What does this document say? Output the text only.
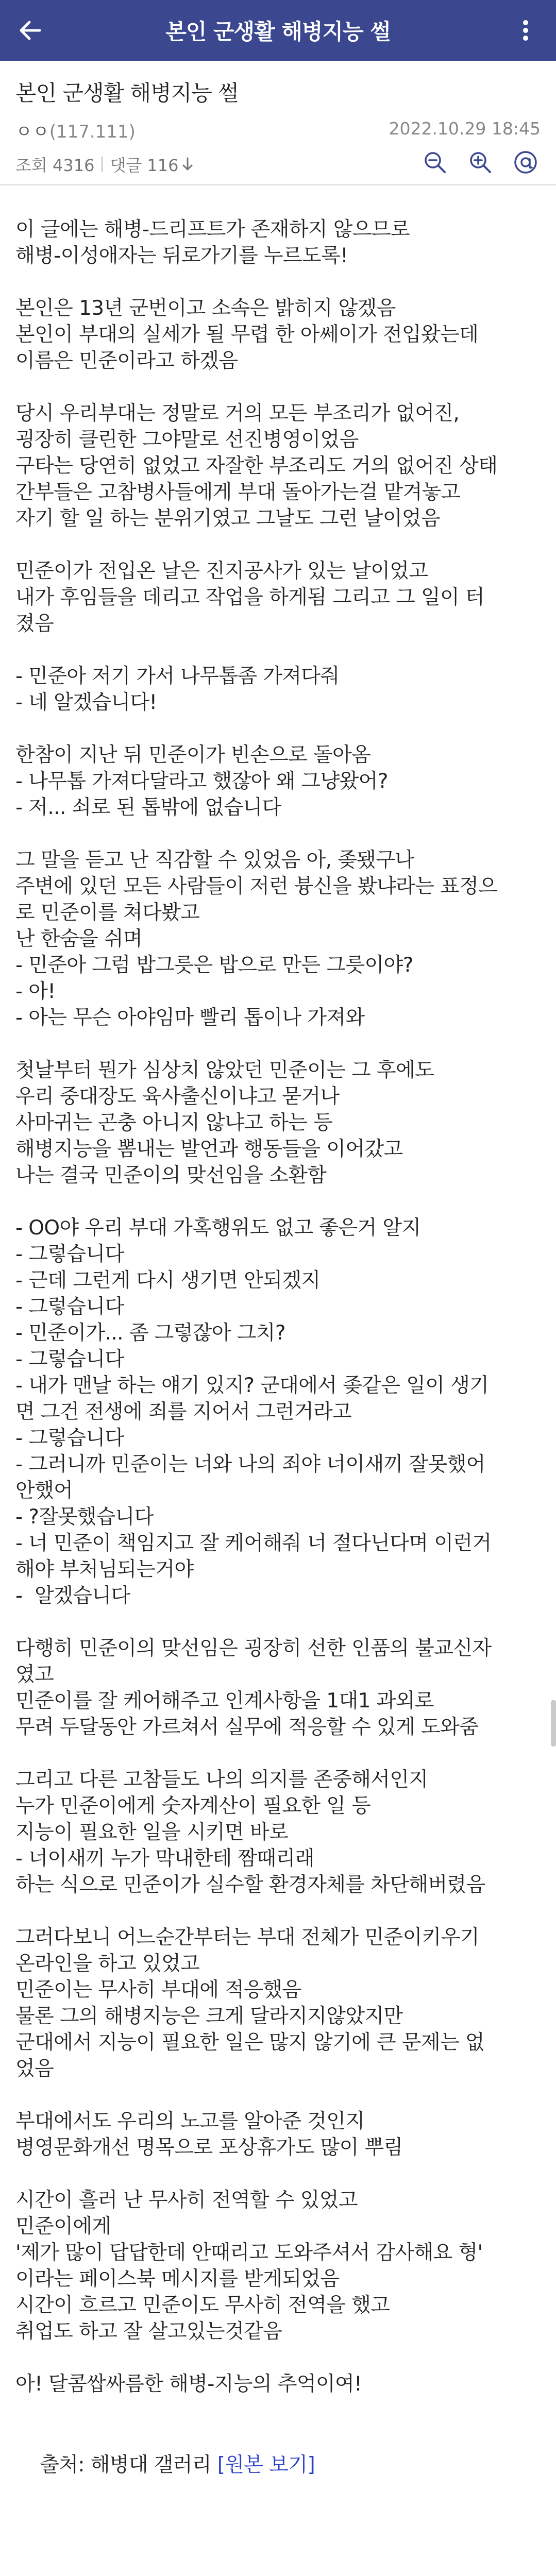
본인 군생활 해병지능 썰
본인 군생활 해병지능 썰
ㅇㅇ(117.111)	2022.10.29 18:45
조회 4316 댓글 116
이 글에는 해병-드리프트가 존재하지 않으므로
해병-이성애자는 뒤로가기를 누르도록!
본인은 13년 군번이고 소속은 밝히지 않겠음
본인이 부대의 실세가 될 무렵 한 아쎄이가 전입왔는데
이름은 민준이라고 하겠음
당시 우리부대는 정말로 거의 모든 부조리가 없어진,
굉장히 클린한 그야말로 선진병영이었음
구타는 당연히 없었고 자잘한 부조리도 거의 없어진 상태
간부들은 고참병사들에게 부대 돌아가는걸 맡겨놓고
자기 할 일 하는 분위기였고 그날도 그런 날이었음
민준이가 전입온 날은 진지공사가 있는 날이었고
내가 후임들을 데리고 작업을 하게됨 그리고 그 일이 터
졌음
- 민준아 저기 가서 나무톱좀 가져다줘
- 네 알겠습니다!
한참이 지난 뒤 민준이가 빈손으로 돌아옴
- 나무톱 가져다달라고 했잖아 왜 그냥왔어?
- 저... 쇠로 된 톱밖에 없습니다
그 말을 듣고 난 직감할 수 있었음 아, 좆됐구나
주변에 있던 모든 사람들이 저런 븅신을 봤냐라는 표정으
로 민준이를 쳐다봤고
난 한숨을 쉬며
- 민준아 그럼 밥그릇은 밥으로 만든 그릇이야?
- 아!
- 아는 무슨 아야임마 빨리 톱이나 가져와
첫날부터 뭔가 심상치 않았던 민준이는 그 후에도
우리 중대장도 육사출신이냐고 묻거나
사마귀는 곤충 아니지 않냐고 하는 등
해병지능을 뽐내는 발언과 행동들을 이어갔고
나는 결국 민준이의 맞선임을 소환함
- OO야 우리 부대 가혹행위도 없고 좋은거 알지
- 그렇습니다
- 근데 그런게 다시 생기면 안되겠지
- 그렇습니다
- 민준이가... 좀 그렇잖아 그치?
- 그렇습니다
- 내가 맨날 하는 얘기 있지? 군대에서 좆같은 일이 생기
면 그건 전생에 죄를 지어서 그런거라고
- 그렇습니다
- 그러니까 민준이는 너와 나의 죄야 너이새끼 잘못했어
안했어
- ?잘못했습니다
- 너 민준이 책임지고 잘 케어해줘 너 절다닌다며 이런거
해야 부처님되는거야
-  알겠습니다
다행히 민준이의 맞선임은 굉장히 선한 인품의 불교신자
였고
민준이를 잘 케어해주고 인계사항을 1대1 과외로
무려 두달동안 가르쳐서 실무에 적응할 수 있게 도와줌
그리고 다른 고참들도 나의 의지를 존중해서인지
누가 민준이에게 숫자계산이 필요한 일 등
지능이 필요한 일을 시키면 바로
- 너이새끼 누가 막내한테 짬때리래
하는 식으로 민준이가 실수할 환경자체를 차단해버렸음
그러다보니 어느순간부터는 부대 전체가 민준이키우기
온라인을 하고 있었고
민준이는 무사히 부대에 적응했음
물론 그의 해병지능은 크게 달라지지않았지만
군대에서 지능이 필요한 일은 많지 않기에 큰 문제는 없
었음
부대에서도 우리의 노고를 알아준 것인지
병영문화개선 명목으로 포상휴가도 많이 뿌림
시간이 흘러 난 무사히 전역할 수 있었고
민준이에게
'제가 많이 답답한데 안때리고 도와주셔서 감사해요 형'
이라는 페이스북 메시지를 받게되었음
시간이 흐르고 민준이도 무사히 전역을 했고
취업도 하고 잘 살고있는것같음
아! 달콤쌉싸름한 해병-지능의 추억이여!

출처: 해병대 갤러리 [원본 보기]
